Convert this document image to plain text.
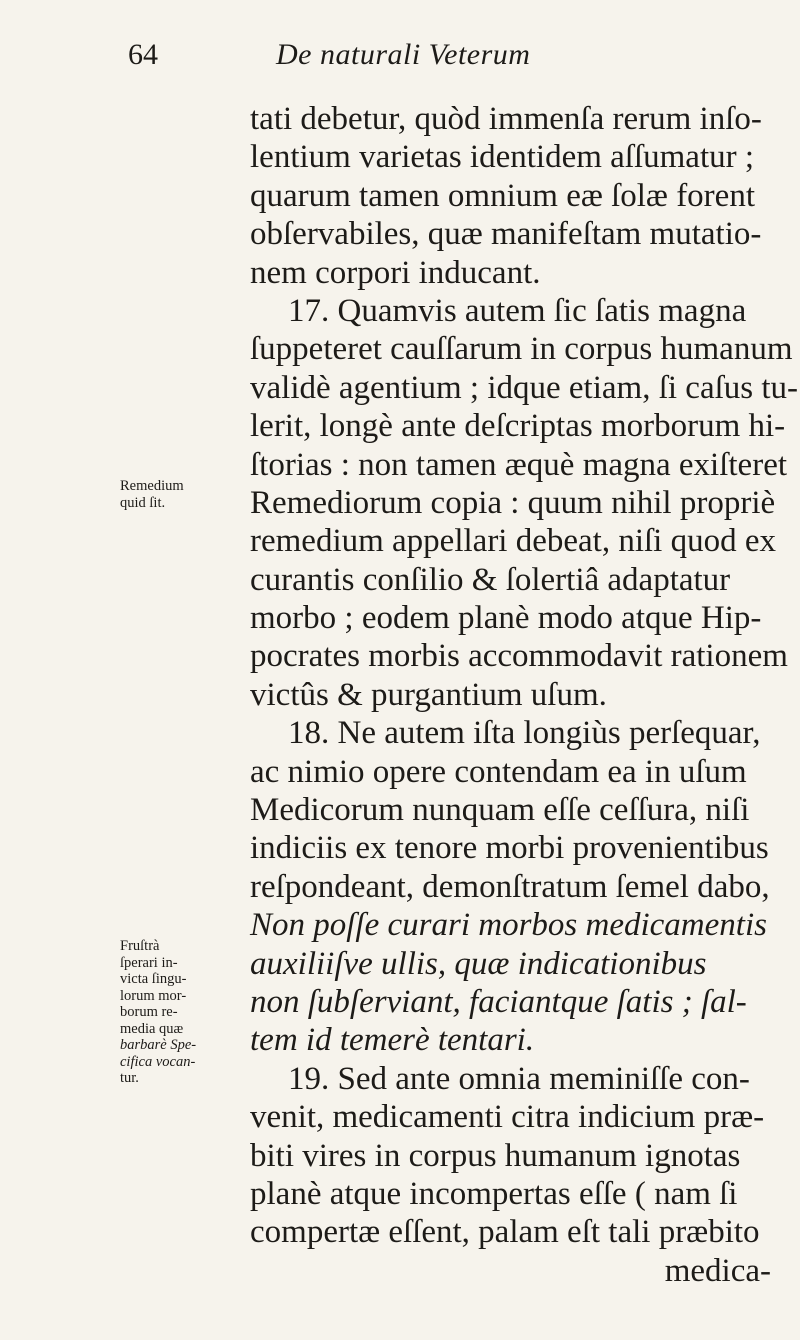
64	De naturali Veterum
tati debetur, quòd immenſa rerum inſo-
lentium varietas identidem aſſumatur ;
quarum tamen omnium eæ ſolæ forent
obſervabiles, quæ manifeſtam mutatio-
nem corpori inducant.
17. Quamvis autem ſic ſatis magna
ſuppeteret cauſſarum in corpus humanum
validè agentium ; idque etiam, ſi caſus tu-
lerit, longè ante deſcriptas morborum hi-
ſtorias : non tamen æquè magna exiſteret
Remediorum copia : quum nihil propriè
remedium appellari debeat, niſi quod ex
curantis conſilio & ſolertiâ adaptatur
morbo ; eodem planè modo atque Hip-
pocrates morbis accommodavit rationem
victûs & purgantium uſum.
18. Ne autem iſta longiùs perſequar,
ac nimio opere contendam ea in uſum
Medicorum nunquam eſſe ceſſura, niſi
indiciis ex tenore morbi provenientibus
reſpondeant, demonſtratum ſemel dabo,
Non poſſe curari morbos medicamentis
auxiliiſve ullis, quæ indicationibus
non ſubſerviant, faciantque ſatis ; ſal-
tem id temerè tentari.
19. Sed ante omnia meminiſſe con-
venit, medicamenti citra indicium præ-
biti vires in corpus humanum ignotas
planè atque incompertas eſſe ( nam ſi
compertæ eſſent, palam eſt tali præbito
medica-
Remedium
quid ſit.
Fruſtrà
ſperari in-
victa ſingu-
lorum mor-
borum re-
media quæ
barbarè Spe-
cifica vocan-
tur.
